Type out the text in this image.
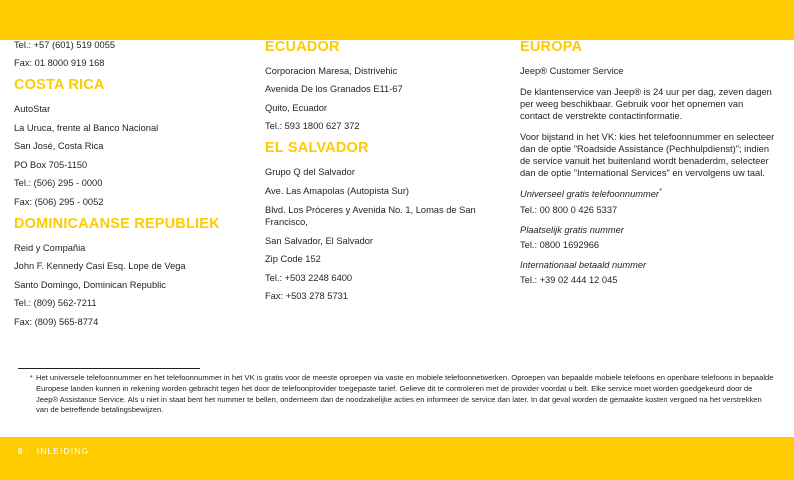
Tel.: +57 (601) 519 0055
Fax: 01 8000 919 168
COSTA RICA
AutoStar
La Uruca, frente al Banco Nacional
San José, Costa Rica
PO Box 705-1150
Tel.: (506) 295 - 0000
Fax: (506) 295 - 0052
DOMINICAANSE REPUBLIEK
Reid y Compañia
John F. Kennedy Casi Esq. Lope de Vega
Santo Domingo, Dominican Republic
Tel.: (809) 562-7211
Fax: (809) 565-8774
ECUADOR
Corporacion Maresa, Distrivehic
Avenida De los Granados E11-67
Quito, Ecuador
Tel.: 593 1800 627 372
EL SALVADOR
Grupo Q del Salvador
Ave. Las Amapolas (Autopista Sur)
Blvd. Los Próceres y Avenida No. 1, Lomas de San Francisco,
San Salvador, El Salvador
Zip Code 152
Tel.: +503 2248 6400
Fax: +503 278 5731
EUROPA
Jeep® Customer Service
De klantenservice van Jeep® is 24 uur per dag, zeven dagen per weeg beschikbaar. Gebruik voor het opnemen van contact de verstrekte contactinformatie.
Voor bijstand in het VK: kies het telefoonnummer en selecteer dan de optie "Roadside Assistance (Pechhulpdienst)"; indien de service vanuit het buitenland wordt benaderdm, selecteer dan de optie "International Services" en vervolgens uw taal.
Universeel gratis telefoonnummer*
Tel.: 00 800 0 426 5337
Plaatselijk gratis nummer
Tel.: 0800 1692966
Internationaal betaald nummer
Tel.: +39 02 444 12 045
* Het universele telefoonnummer en het telefoonnummer in het VK is gratis voor de meeste oproepen via vaste en mobiele telefoonnetwerken. Oproepen van bepaalde mobiele telefoons en openbare telefoons in bepaalde Europese landen kunnen in rekening worden gebracht tegen het door de telefoonprovider toegepaste tarief. Gelieve dit te controleren met de provider voordat u belt. Elke service moet worden goedgekeurd door de Jeep® Assistance Service. Als u niet in staat bent het nummer te bellen, onderneem dan de noodzakelijke acties en informeer de service dan later. In dat geval worden de gemaakte kosten vergoed na het verstrekken van de betreffende betalingsbewijzen.
6 INLEIDING
